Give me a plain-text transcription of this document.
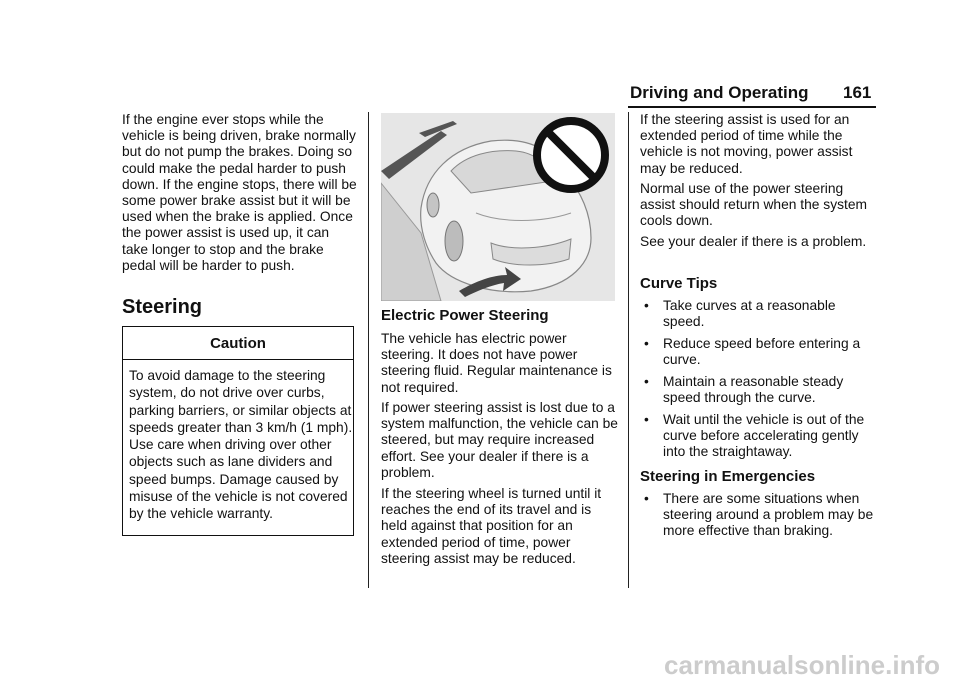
Driving and Operating 161

If the engine ever stops while the vehicle is being driven, brake normally but do not pump the brakes. Doing so could make the pedal harder to push down. If the engine stops, there will be some power brake assist but it will be used when the brake is applied. Once the power assist is used up, it can take longer to stop and the brake pedal will be harder to push.

Steering
Caution

To avoid damage to the steering system, do not drive over curbs, parking barriers, or similar objects at speeds greater than 3 km/h (1 mph). Use care when driving over other objects such as lane dividers and speed bumps. Damage caused by misuse of the vehicle is not covered by the vehicle warranty.

Electric Power Steering

The vehicle has electric power steering. It does not have power steering fluid. Regular maintenance is not required.

If power steering assist is lost due to a system malfunction, the vehicle can be steered, but may require increased effort. See your dealer if there is a problem.

If the steering wheel is turned until it reaches the end of its travel and is held against that position for an extended period of time, power steering assist may be reduced.

If the steering assist is used for an extended period of time while the vehicle is not moving, power assist may be reduced.

Normal use of the power steering assist should return when the system cools down.

See your dealer if there is a problem.

Curve Tips
• Take curves at a reasonable speed.

• Reduce speed before entering a curve.

• Maintain a reasonable steady speed through the curve.

• Wait until the vehicle is out of the curve before accelerating gently into the straightaway.

Steering in Emergencies
• There are some situations when steering around a problem may be more effective than braking.

carmanualsonline.info
